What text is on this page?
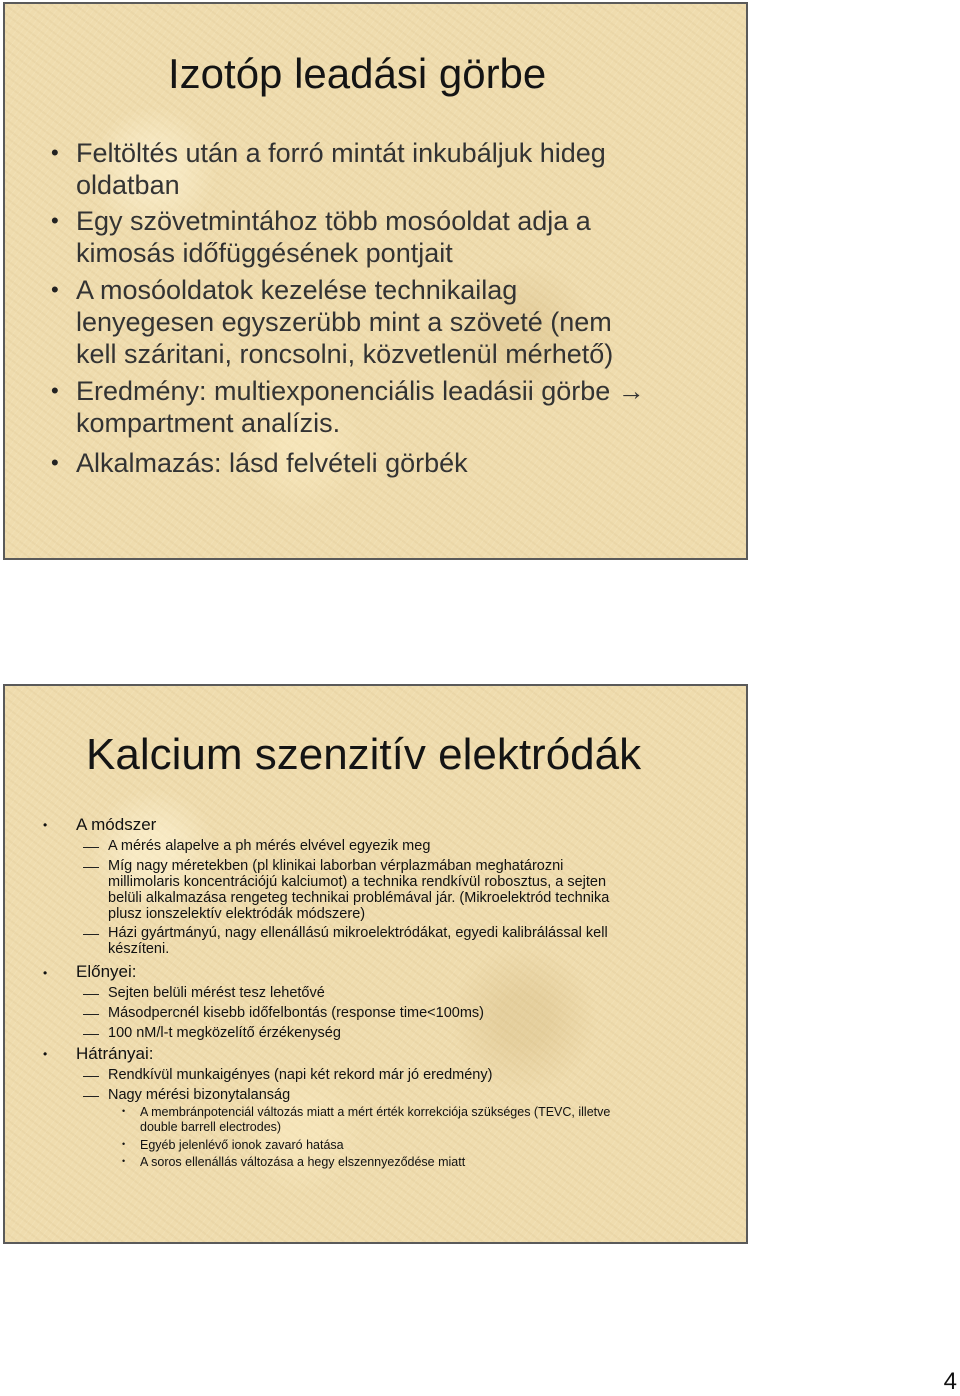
Izotóp leadási görbe
• Feltöltés után a forró mintát inkubáljuk hideg
oldatban
• Egy szövetmintához több mosóoldat adja a
kimosás időfüggésének pontjait
• A mosóoldatok kezelése technikailag
lenyegesen egyszerübb mint a szöveté (nem
kell száritani, roncsolni, közvetlenül mérhető)
• Eredmény: multiexponenciális leadásii görbe →
kompartment analízis.
• Alkalmazás: lásd felvételi görbék
Kalcium szenzitív elektródák
• A módszer
A mérés alapelve a ph mérés elvével egyezik meg
Míg nagy méretekben (pl klinikai laborban vérplazmában meghatározni
millimolaris koncentrációjú kalciumot) a technika rendkívül robosztus, a sejten
belüli alkalmazása rengeteg technikai problémával jár. (Mikroelektród technika
plusz ionszelektív elektródák módszere)
Házi gyártmányú, nagy ellenállású mikroelektródákat, egyedi kalibrálással kell
készíteni.
• Előnyei:
Sejten belüli mérést tesz lehetővé
Másodpercnél kisebb időfelbontás (response time<100ms)
100 nM/l-t megközelítő érzékenység
• Hátrányai:
Rendkívül munkaigényes (napi két rekord már jó eredmény)
Nagy mérési bizonytalanság
• A membránpotenciál változás miatt a mért érték korrekciója szükséges (TEVC, illetve
double barrell electrodes)
• Egyéb jelenlévő ionok zavaró hatása
• A soros ellenállás változása a hegy elszennyeződése miatt
4
